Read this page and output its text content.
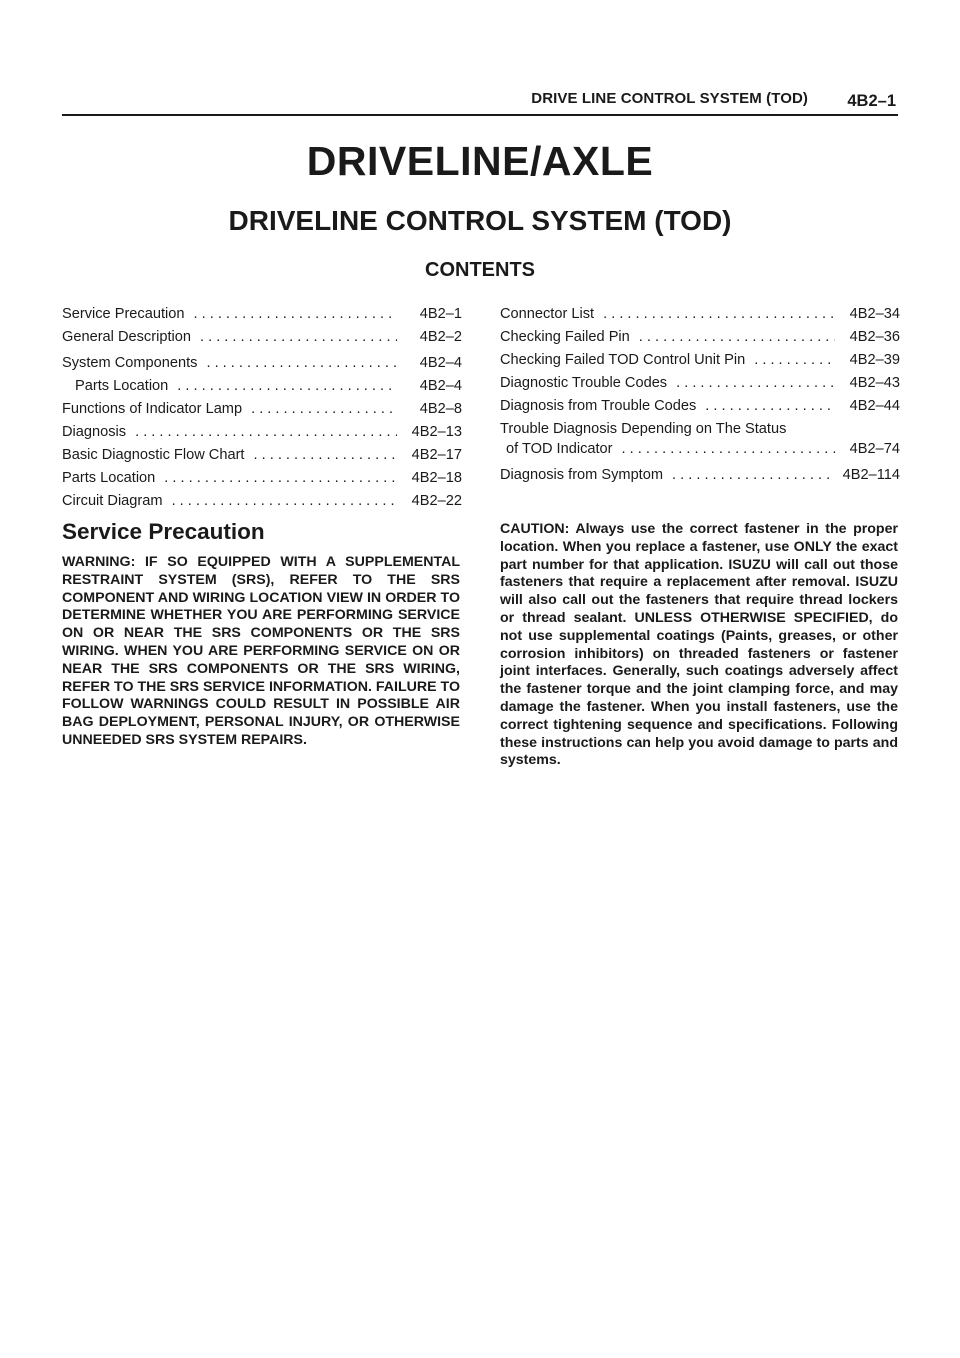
DRIVE LINE CONTROL SYSTEM (TOD) 4B2–1
DRIVELINE/AXLE
DRIVELINE CONTROL SYSTEM (TOD)
CONTENTS
Service Precaution . . .	4B2–1
General Description . . .	4B2–2
System Components . . .	4B2–4
Parts Location . . .	4B2–4
Functions of Indicator Lamp . . .	4B2–8
Diagnosis . . .	4B2–13
Basic Diagnostic Flow Chart . . .	4B2–17
Parts Location . . .	4B2–18
Circuit Diagram . . .	4B2–22
Connector List . . .	4B2–34
Checking Failed Pin . . .	4B2–36
Checking Failed TOD Control Unit Pin . . .	4B2–39
Diagnostic Trouble Codes . . .	4B2–43
Diagnosis from Trouble Codes . . .	4B2–44
Trouble Diagnosis Depending on The Status
of TOD Indicator . . .	4B2–74
Diagnosis from Symptom . . .	4B2–114
Service Precaution

WARNING: IF SO EQUIPPED WITH A SUPPLEMENTAL RESTRAINT SYSTEM (SRS), REFER TO THE SRS COMPONENT AND WIRING LOCATION VIEW IN ORDER TO DETERMINE WHETHER YOU ARE PERFORMING SERVICE ON OR NEAR THE SRS COMPONENTS OR THE SRS WIRING. WHEN YOU ARE PERFORMING SERVICE ON OR NEAR THE SRS COMPONENTS OR THE SRS WIRING, REFER TO THE SRS SERVICE INFORMATION. FAILURE TO FOLLOW WARNINGS COULD RESULT IN POSSIBLE AIR BAG DEPLOYMENT, PERSONAL INJURY, OR OTHERWISE UNNEEDED SRS SYSTEM REPAIRS.

CAUTION: Always use the correct fastener in the proper location. When you replace a fastener, use ONLY the exact part number for that application. ISUZU will call out those fasteners that require a replacement after removal. ISUZU will also call out the fasteners that require thread lockers or thread sealant. UNLESS OTHERWISE SPECIFIED, do not use supplemental coatings (Paints, greases, or other corrosion inhibitors) on threaded fasteners or fastener joint interfaces. Generally, such coatings adversely affect the fastener torque and the joint clamping force, and may damage the fastener. When you install fasteners, use the correct tightening sequence and specifications. Following these instructions can help you avoid damage to parts and systems.
